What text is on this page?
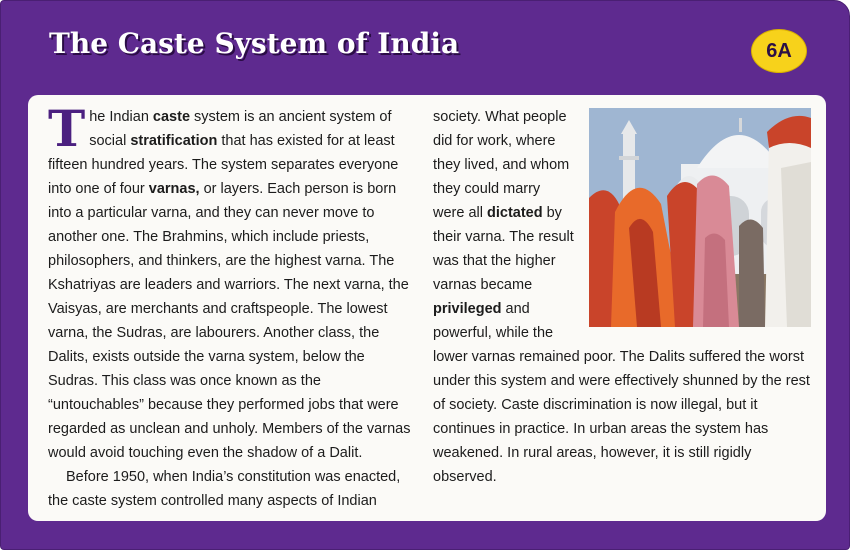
The Caste System of India	6A

The Indian caste system is an ancient system of social stratification that has existed for at least fifteen hundred years. The system separates everyone into one of four varnas, or layers. Each person is born into a particular varna, and they can never move to another one. The Brahmins, which include priests, philosophers, and thinkers, are the highest varna. The Kshatriyas are leaders and warriors. The next varna, the Vaisyas, are merchants and craftspeople. The lowest varna, the Sudras, are labourers. Another class, the Dalits, exists outside the varna system, below the Sudras. This class was once known as the “untouchables” because they performed jobs that were regarded as unclean and unholy. Members of the varnas would avoid touching even the shadow of a Dalit.

Before 1950, when India’s constitution was enacted, the caste system controlled many aspects of Indian

society. What people did for work, where they lived, and whom they could marry were all dictated by their varna. The result was that the higher varnas became privileged and powerful, while the lower varnas remained poor. The Dalits suffered the worst under this system and were effectively shunned by the rest of society. Caste discrimination is now illegal, but it continues in practice. In urban areas the system has weakened. In rural areas, however, it is still rigidly observed.
